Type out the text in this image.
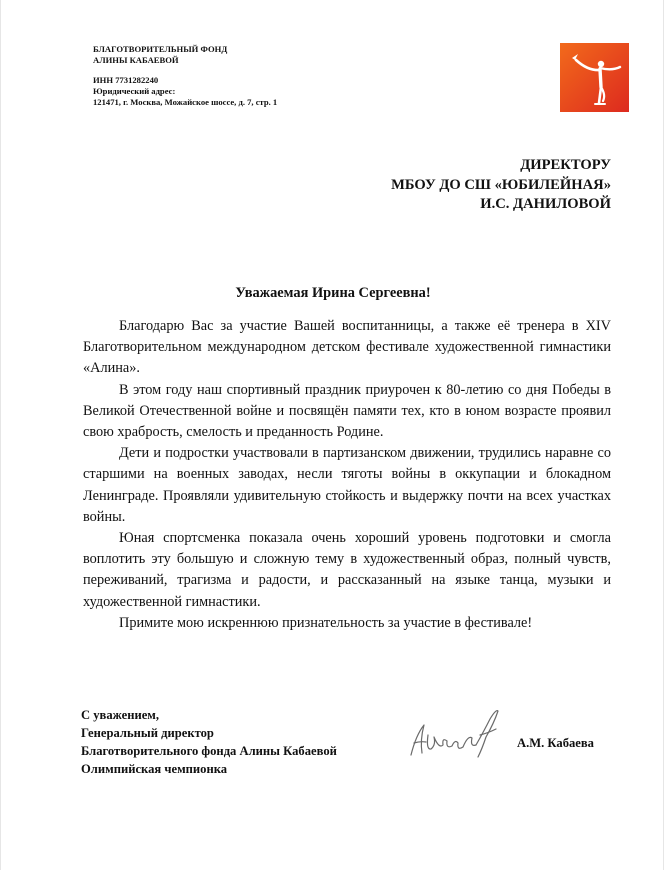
БЛАГОТВОРИТЕЛЬНЫЙ ФОНД
АЛИНЫ КАБАЕВОЙ
ИНН 7731282240
Юридический адрес:
121471, г. Москва, Можайское шоссе, д. 7, стр. 1
ДИРЕКТОРУ
МБОУ ДО СШ «ЮБИЛЕЙНАЯ»
И.С. ДАНИЛОВОЙ
Уважаемая Ирина Сергеевна!

Благодарю Вас за участие Вашей воспитанницы, а также её тренера в XIV Благотворительном международном детском фестивале художественной гимнастики «Алина».

В этом году наш спортивный праздник приурочен к 80-летию со дня Победы в Великой Отечественной войне и посвящён памяти тех, кто в юном возрасте проявил свою храбрость, смелость и преданность Родине.

Дети и подростки участвовали в партизанском движении, трудились наравне со старшими на военных заводах, несли тяготы войны в оккупации и блокадном Ленинграде. Проявляли удивительную стойкость и выдержку почти на всех участках войны.

Юная спортсменка показала очень хороший уровень подготовки и смогла воплотить эту большую и сложную тему в художественный образ, полный чувств, переживаний, трагизма и радости, и рассказанный на языке танца, музыки и художественной гимнастики.

Примите мою искреннюю признательность за участие в фестивале!

С уважением,
Генеральный директор
Благотворительного фонда Алины Кабаевой
Олимпийская чемпионка
А.М. Кабаева
